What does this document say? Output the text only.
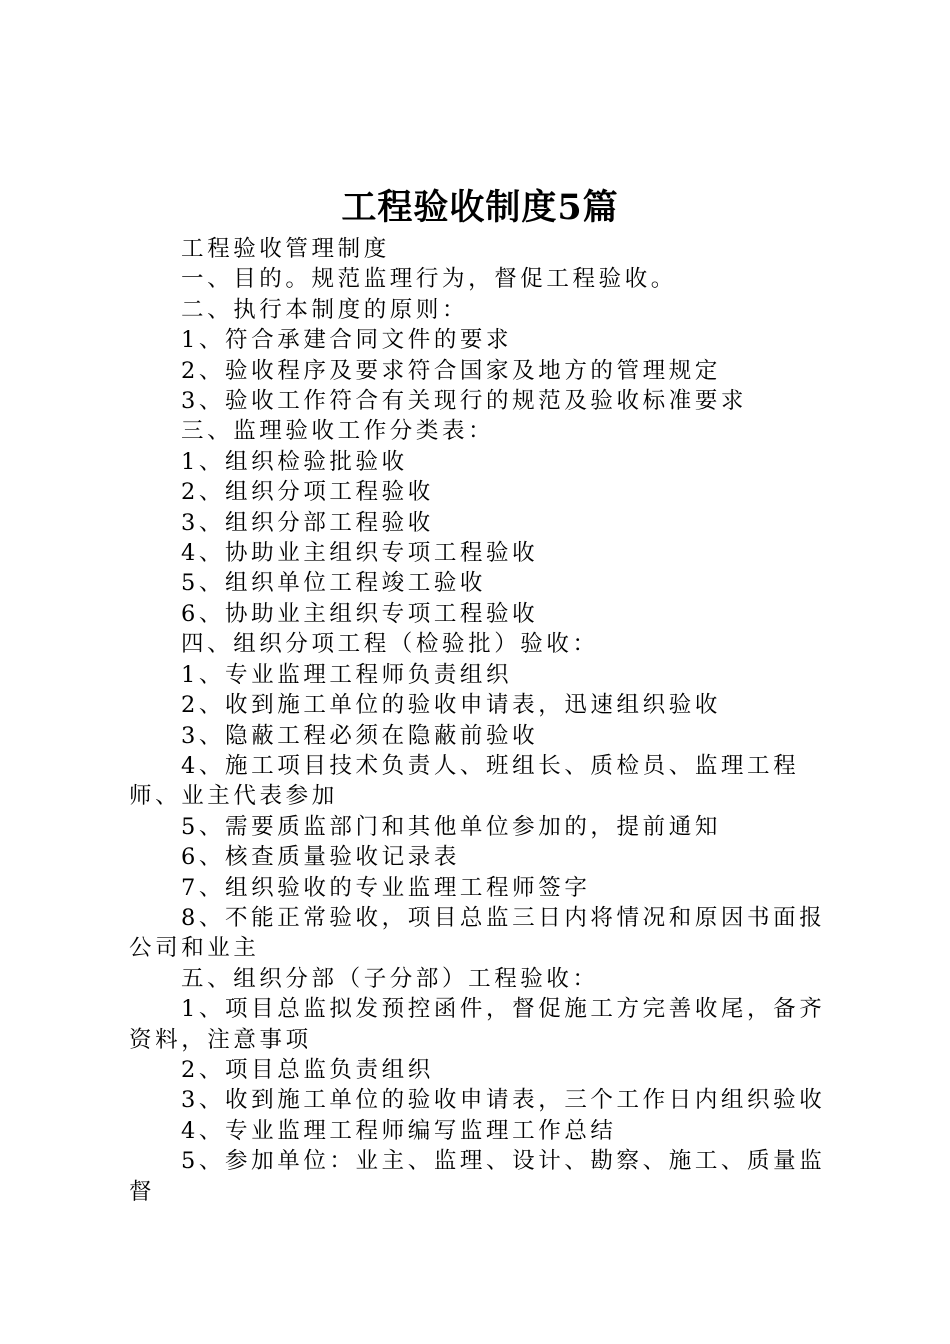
工程验收制度5篇

工程验收管理制度

一、目的。规范监理行为，督促工程验收。

二、执行本制度的原则：

1、符合承建合同文件的要求

2、验收程序及要求符合国家及地方的管理规定

3、验收工作符合有关现行的规范及验收标准要求

三、监理验收工作分类表：

1、组织检验批验收

2、组织分项工程验收

3、组织分部工程验收

4、协助业主组织专项工程验收

5、组织单位工程竣工验收

6、协助业主组织专项工程验收

四、组织分项工程（检验批）验收：

1、专业监理工程师负责组织

2、收到施工单位的验收申请表，迅速组织验收

3、隐蔽工程必须在隐蔽前验收

4、施工项目技术负责人、班组长、质检员、监理工程师、业主代表参加

5、需要质监部门和其他单位参加的，提前通知

6、核查质量验收记录表

7、组织验收的专业监理工程师签字

8、不能正常验收，项目总监三日内将情况和原因书面报公司和业主

五、组织分部（子分部）工程验收：

1、项目总监拟发预控函件，督促施工方完善收尾，备齐资料，注意事项

2、项目总监负责组织

3、收到施工单位的验收申请表，三个工作日内组织验收

4、专业监理工程师编写监理工作总结

5、参加单位：业主、监理、设计、勘察、施工、质量监督
